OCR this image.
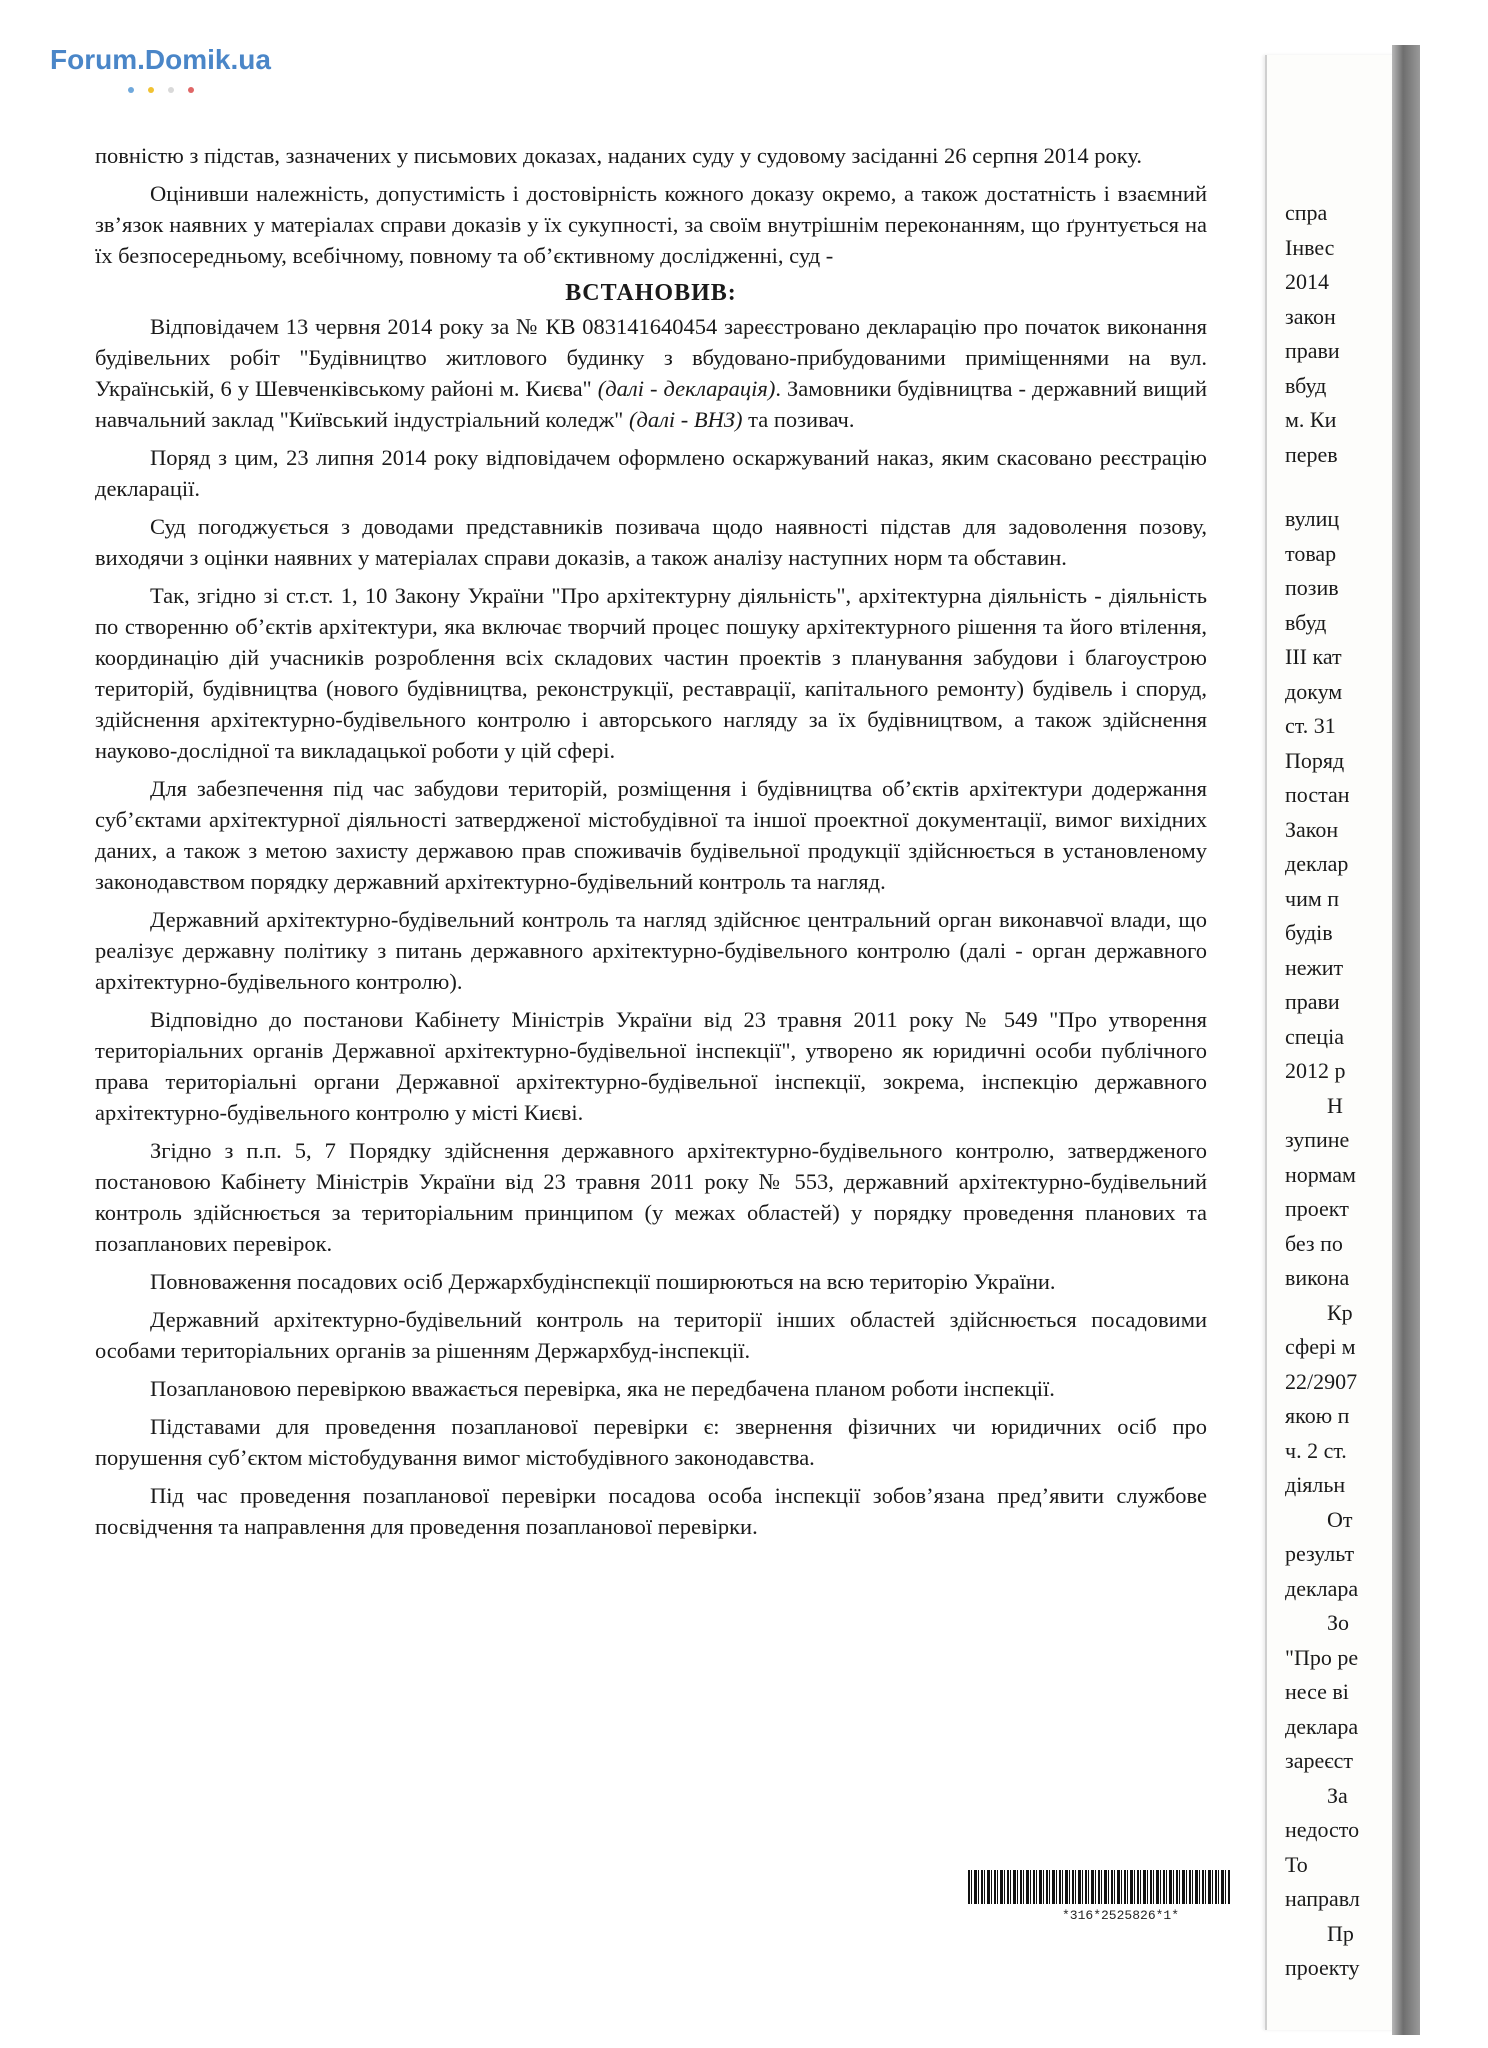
Forum.Domik.ua
спра
Інвес
2014
закон
прави
вбуд
м. Ки
перев
вулиц
товар
позив
вбуд
III кат
докум
ст. 31
Поряд
постан
Закон
деклар
чим п
будів
нежит
прави
спеціа
2012 р
Н
зупине
нормам
проект
без по
викона
Кр
сфері м
22/2907
якою п
ч. 2 ст.
діяльн
От
результ
деклара
Зо
"Про ре
несе ві
деклара
зареєст
За
недосто
То
направл
Пр
проекту

повністю з підстав, зазначених у письмових доказах, наданих суду у судовому засіданні 26 серпня 2014 року.

Оцінивши належність, допустимість і достовірність кожного доказу окремо, а також достатність і взаємний зв’язок наявних у матеріалах справи доказів у їх сукупності, за своїм внутрішнім переконанням, що ґрунтується на їх безпосередньому, всебічному, повному та об’єктивному дослідженні, суд -

ВСТАНОВИВ:

Відповідачем 13 червня 2014 року за № КВ 083141640454 зареєстровано декларацію про початок виконання будівельних робіт "Будівництво житлового будинку з вбудовано-прибудованими приміщеннями на вул. Українській, 6 у Шевченківському районі м. Києва" (далі - декларація). Замовники будівництва - державний вищий навчальний заклад "Київський індустріальний коледж" (далі - ВНЗ) та позивач.

Поряд з цим, 23 липня 2014 року відповідачем оформлено оскаржуваний наказ, яким скасовано реєстрацію декларації.

Суд погоджується з доводами представників позивача щодо наявності підстав для задоволення позову, виходячи з оцінки наявних у матеріалах справи доказів, а також аналізу наступних норм та обставин.

Так, згідно зі ст.ст. 1, 10 Закону України "Про архітектурну діяльність", архітектурна діяльність - діяльність по створенню об’єктів архітектури, яка включає творчий процес пошуку архітектурного рішення та його втілення, координацію дій учасників розроблення всіх складових частин проектів з планування забудови і благоустрою територій, будівництва (нового будівництва, реконструкції, реставрації, капітального ремонту) будівель і споруд, здійснення архітектурно-будівельного контролю і авторського нагляду за їх будівництвом, а також здійснення науково-дослідної та викладацької роботи у цій сфері.

Для забезпечення під час забудови територій, розміщення і будівництва об’єктів архітектури додержання суб’єктами архітектурної діяльності затвердженої містобудівної та іншої проектної документації, вимог вихідних даних, а також з метою захисту державою прав споживачів будівельної продукції здійснюється в установленому законодавством порядку державний архітектурно-будівельний контроль та нагляд.

Державний архітектурно-будівельний контроль та нагляд здійснює центральний орган виконавчої влади, що реалізує державну політику з питань державного архітектурно-будівельного контролю (далі - орган державного архітектурно-будівельного контролю).

Відповідно до постанови Кабінету Міністрів України від 23 травня 2011 року № 549 "Про утворення територіальних органів Державної архітектурно-будівельної інспекції", утворено як юридичні особи публічного права територіальні органи Державної архітектурно-будівельної інспекції, зокрема, інспекцію державного архітектурно-будівельного контролю у місті Києві.

Згідно з п.п. 5, 7 Порядку здійснення державного архітектурно-будівельного контролю, затвердженого постановою Кабінету Міністрів України від 23 травня 2011 року № 553, державний архітектурно-будівельний контроль здійснюється за територіальним принципом (у межах областей) у порядку проведення планових та позапланових перевірок.

Повноваження посадових осіб Держархбудінспекції поширюються на всю територію України.

Державний архітектурно-будівельний контроль на території інших областей здійснюється посадовими особами територіальних органів за рішенням Держархбуд-інспекції.

Позаплановою перевіркою вважається перевірка, яка не передбачена планом роботи інспекції.

Підставами для проведення позапланової перевірки є: звернення фізичних чи юридичних осіб про порушення суб’єктом містобудування вимог містобудівного законодавства.

Під час проведення позапланової перевірки посадова особа інспекції зобов’язана пред’явити службове посвідчення та направлення для проведення позапланової перевірки.

*316*2525826*1*
